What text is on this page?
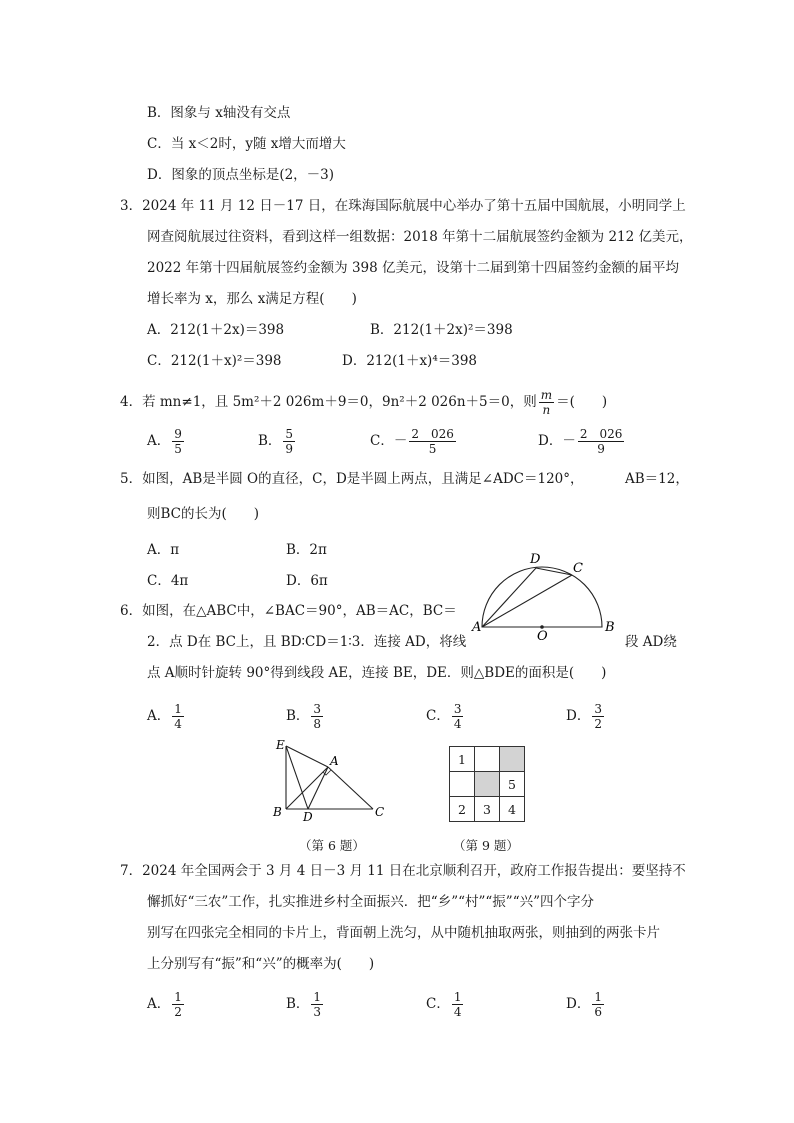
B．图象与 x轴没有交点
C．当 x＜2时，y随 x增大而增大
D．图象的顶点坐标是(2，－3)
3．2024 年 11 月 12 日－17 日，在珠海国际航展中心举办了第十五届中国航展，小明同学上
网查阅航展过往资料，看到这样一组数据：2018 年第十二届航展签约金额为 212 亿美元，
2022 年第十四届航展签约金额为 398 亿美元，设第十二届到第十四届签约金额的届平均
增长率为 x，那么 x满足方程(　　)
A．212(1＋2x)＝398	B．212(1＋2x)²＝398
C．212(1＋x)²＝398	D．212(1＋x)⁴＝398
4．若 mn≠1，且 5m²＋2 026m＋9＝0，9n²＋2 026n＋5＝0，则 $\frac{m}{n}$ ＝(　　)
A． $\frac{9}{5}$	B． $\frac{5}{9}$	C．－ $\frac{2 026}{5}$	D．－ $\frac{2 026}{9}$
5．如图，AB是半圆 O的直径，C，D是半圆上两点，且满足∠ADC＝120°，	AB＝12，
则BC的长为(　　)
A．π	B．2π
C．4π	D．6π
A	B
C
D
O
6．如图，在△ABC中，∠BAC＝90°，AB＝AC，BC＝
2．点 D在 BC上，且 BD∶CD＝1∶3．连接 AD，将线	段 AD绕
点 A顺时针旋转 90°得到线段 AE，连接 BE，DE．则△BDE的面积是(　　)
A． $\frac{1}{4}$	B． $\frac{3}{8}$	C． $\frac{3}{4}$	D． $\frac{3}{2}$
E
A
B D	C
（第 6 题）
1		
		5
2	3	4
（第 9 题）
7．2024 年全国两会于 3 月 4 日－3 月 11 日在北京顺利召开，政府工作报告提出：要坚持不
懈抓好“三农”工作，扎实推进乡村全面振兴．把“乡”“村”“振”“兴”四个字分
别写在四张完全相同的卡片上，背面朝上洗匀，从中随机抽取两张，则抽到的两张卡片
上分别写有“振”和“兴”的概率为(　　)
A． $\frac{1}{2}$	B． $\frac{1}{3}$	C． $\frac{1}{4}$	D． $\frac{1}{6}$
